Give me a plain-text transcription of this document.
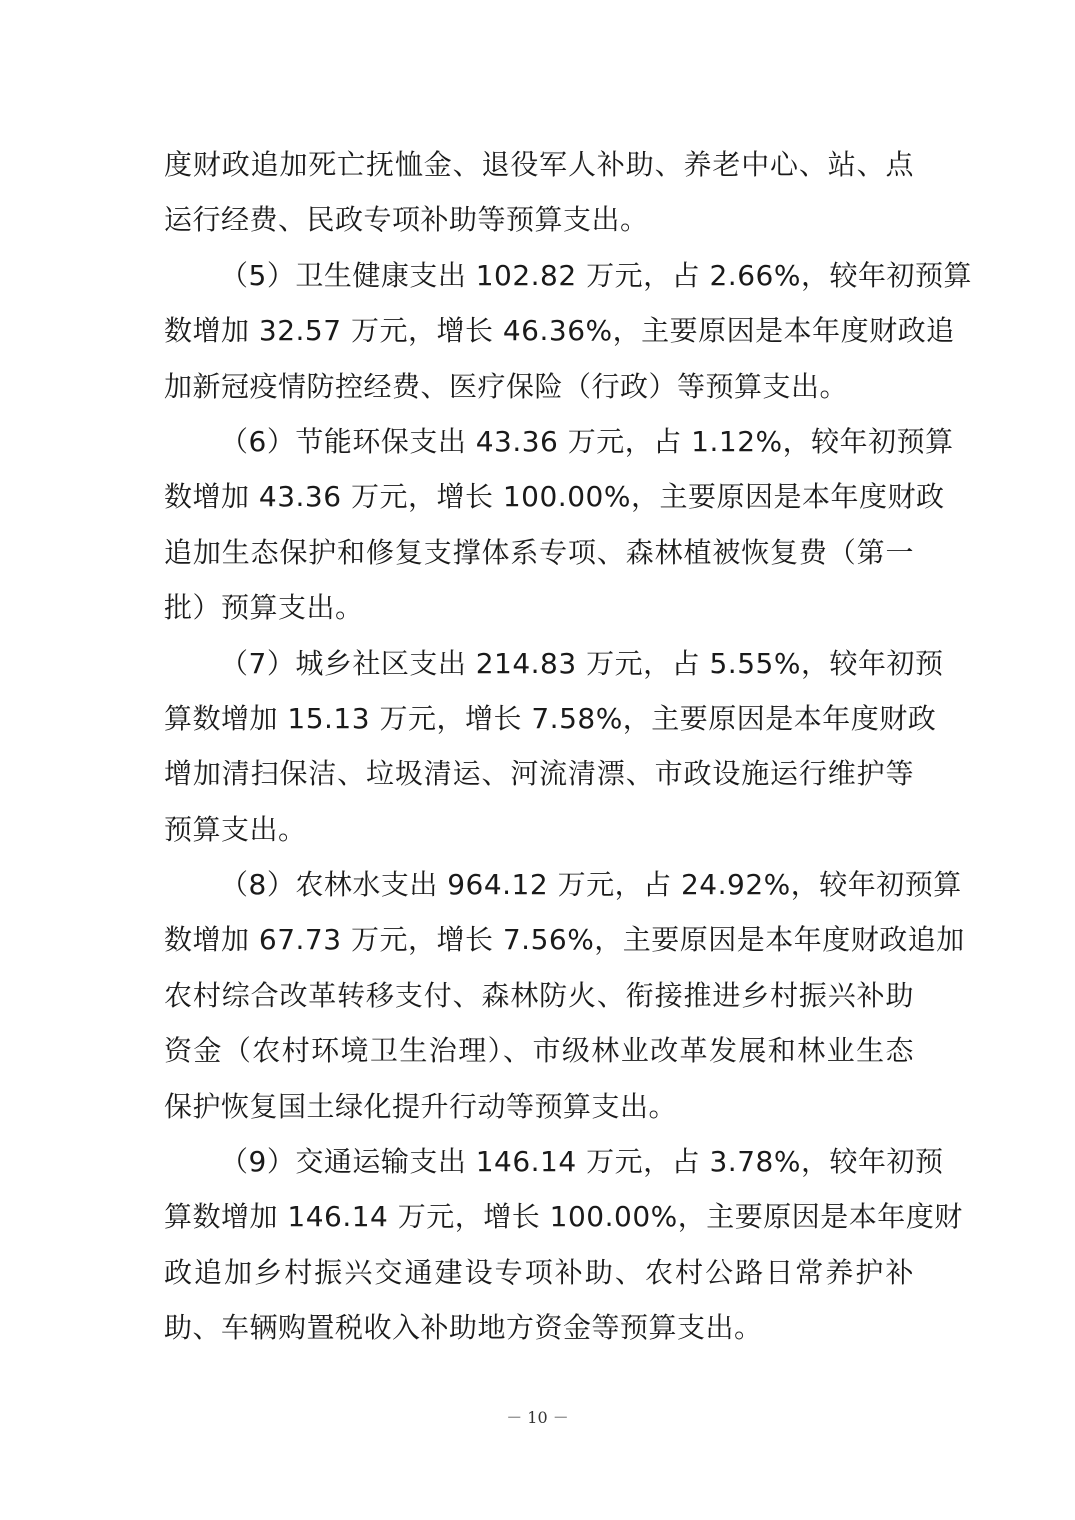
度财政追加死亡抚恤金、退役军人补助、养老中心、站、点
运行经费、民政专项补助等预算支出。
（5）卫生健康支出 102.82 万元，占 2.66%，较年初预算
数增加 32.57 万元，增长 46.36%，主要原因是本年度财政追
加新冠疫情防控经费、医疗保险（行政）等预算支出。
（6）节能环保支出 43.36 万元，占 1.12%，较年初预算
数增加 43.36 万元，增长 100.00%，主要原因是本年度财政
追加生态保护和修复支撑体系专项、森林植被恢复费（第一
批）预算支出。
（7）城乡社区支出 214.83 万元，占 5.55%，较年初预
算数增加 15.13 万元，增长 7.58%，主要原因是本年度财政
增加清扫保洁、垃圾清运、河流清漂、市政设施运行维护等
预算支出。
（8）农林水支出 964.12 万元，占 24.92%，较年初预算
数增加 67.73 万元，增长 7.56%，主要原因是本年度财政追加
农村综合改革转移支付、森林防火、衔接推进乡村振兴补助
资金（农村环境卫生治理）、市级林业改革发展和林业生态
保护恢复国土绿化提升行动等预算支出。
（9）交通运输支出 146.14 万元，占 3.78%，较年初预
算数增加 146.14 万元，增长 100.00%，主要原因是本年度财
政追加乡村振兴交通建设专项补助、农村公路日常养护补
助、车辆购置税收入补助地方资金等预算支出。
－ 10 －
